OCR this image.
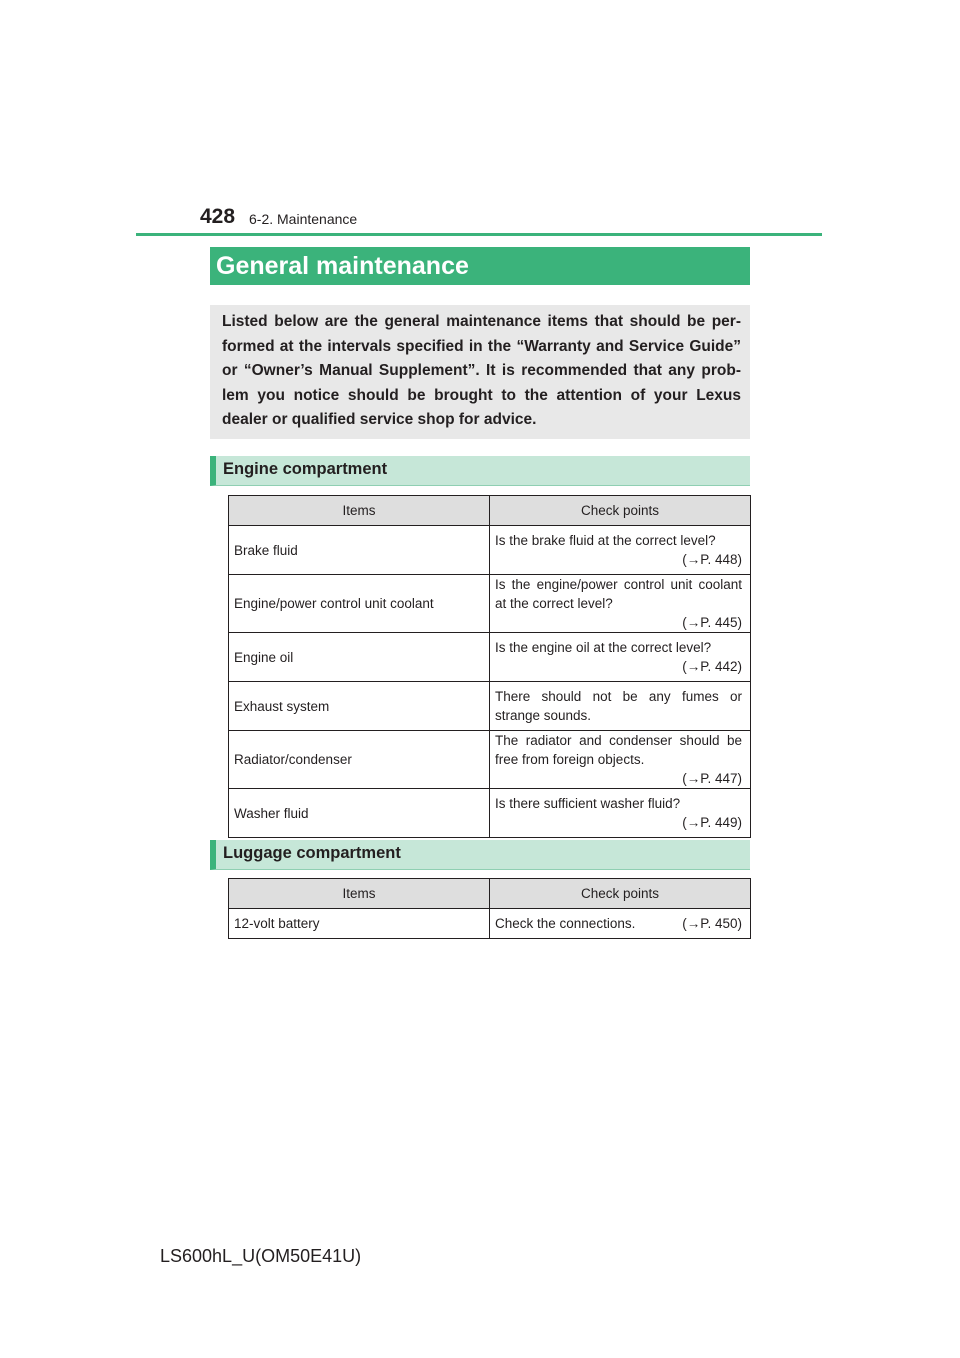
428 6-2. Maintenance
General maintenance
Listed below are the general maintenance items that should be per-formed at the intervals specified in the “Warranty and Service Guide” or “Owner’s Manual Supplement”. It is recommended that any prob-lem you notice should be brought to the attention of your Lexus dealer or qualified service shop for advice.
Engine compartment
Items	Check points
Brake fluid	Is the brake fluid at the correct level?
(→P. 448)

Engine/power control unit coolant	Is the engine/power control unit coolant at the correct level?
(→P. 445)

Engine oil	Is the engine oil at the correct level?
(→P. 442)

Exhaust system	There should not be any fumes or strange sounds.
Radiator/condenser	The radiator and condenser should be free from foreign objects.
(→P. 447)

Washer fluid	Is there sufficient washer fluid?
(→P. 449)
Luggage compartment
Items	Check points
12-volt battery	Check the connections. (→P. 450)
LS600hL_U(OM50E41U)
